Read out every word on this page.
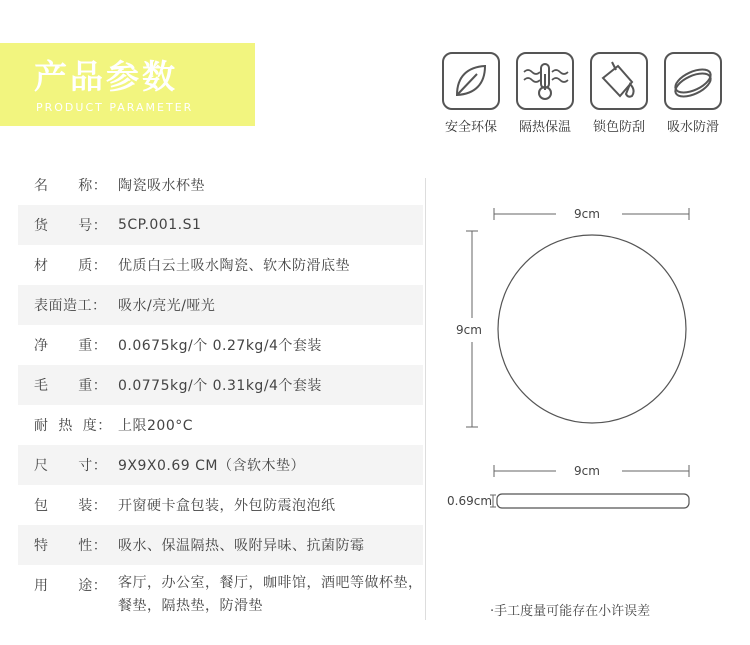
产品参数
PRODUCT PARAMETER
安全环保	隔热保温	锁色防刮	吸水防滑
名      称： 陶瓷吸水杯垫
货      号： 5CP.001.S1
材      质： 优质白云土吸水陶瓷、软木防滑底垫
表面造工： 吸水/亮光/哑光
净      重： 0.0675kg/个 0.27kg/4个套装
毛      重： 0.0775kg/个 0.31kg/4个套装
耐  热  度： 上限200°C
尺      寸： 9X9X0.69 CM（含软木垫）
包      装： 开窗硬卡盒包装，外包防震泡泡纸
特      性： 吸水、保温隔热、吸附异味、抗菌防霉
用      途： 客厅，办公室，餐厅，咖啡馆，酒吧等做杯垫，餐垫，隔热垫，防滑垫
9cm
9cm
9cm
0.69cm
·手工度量可能存在小许误差
